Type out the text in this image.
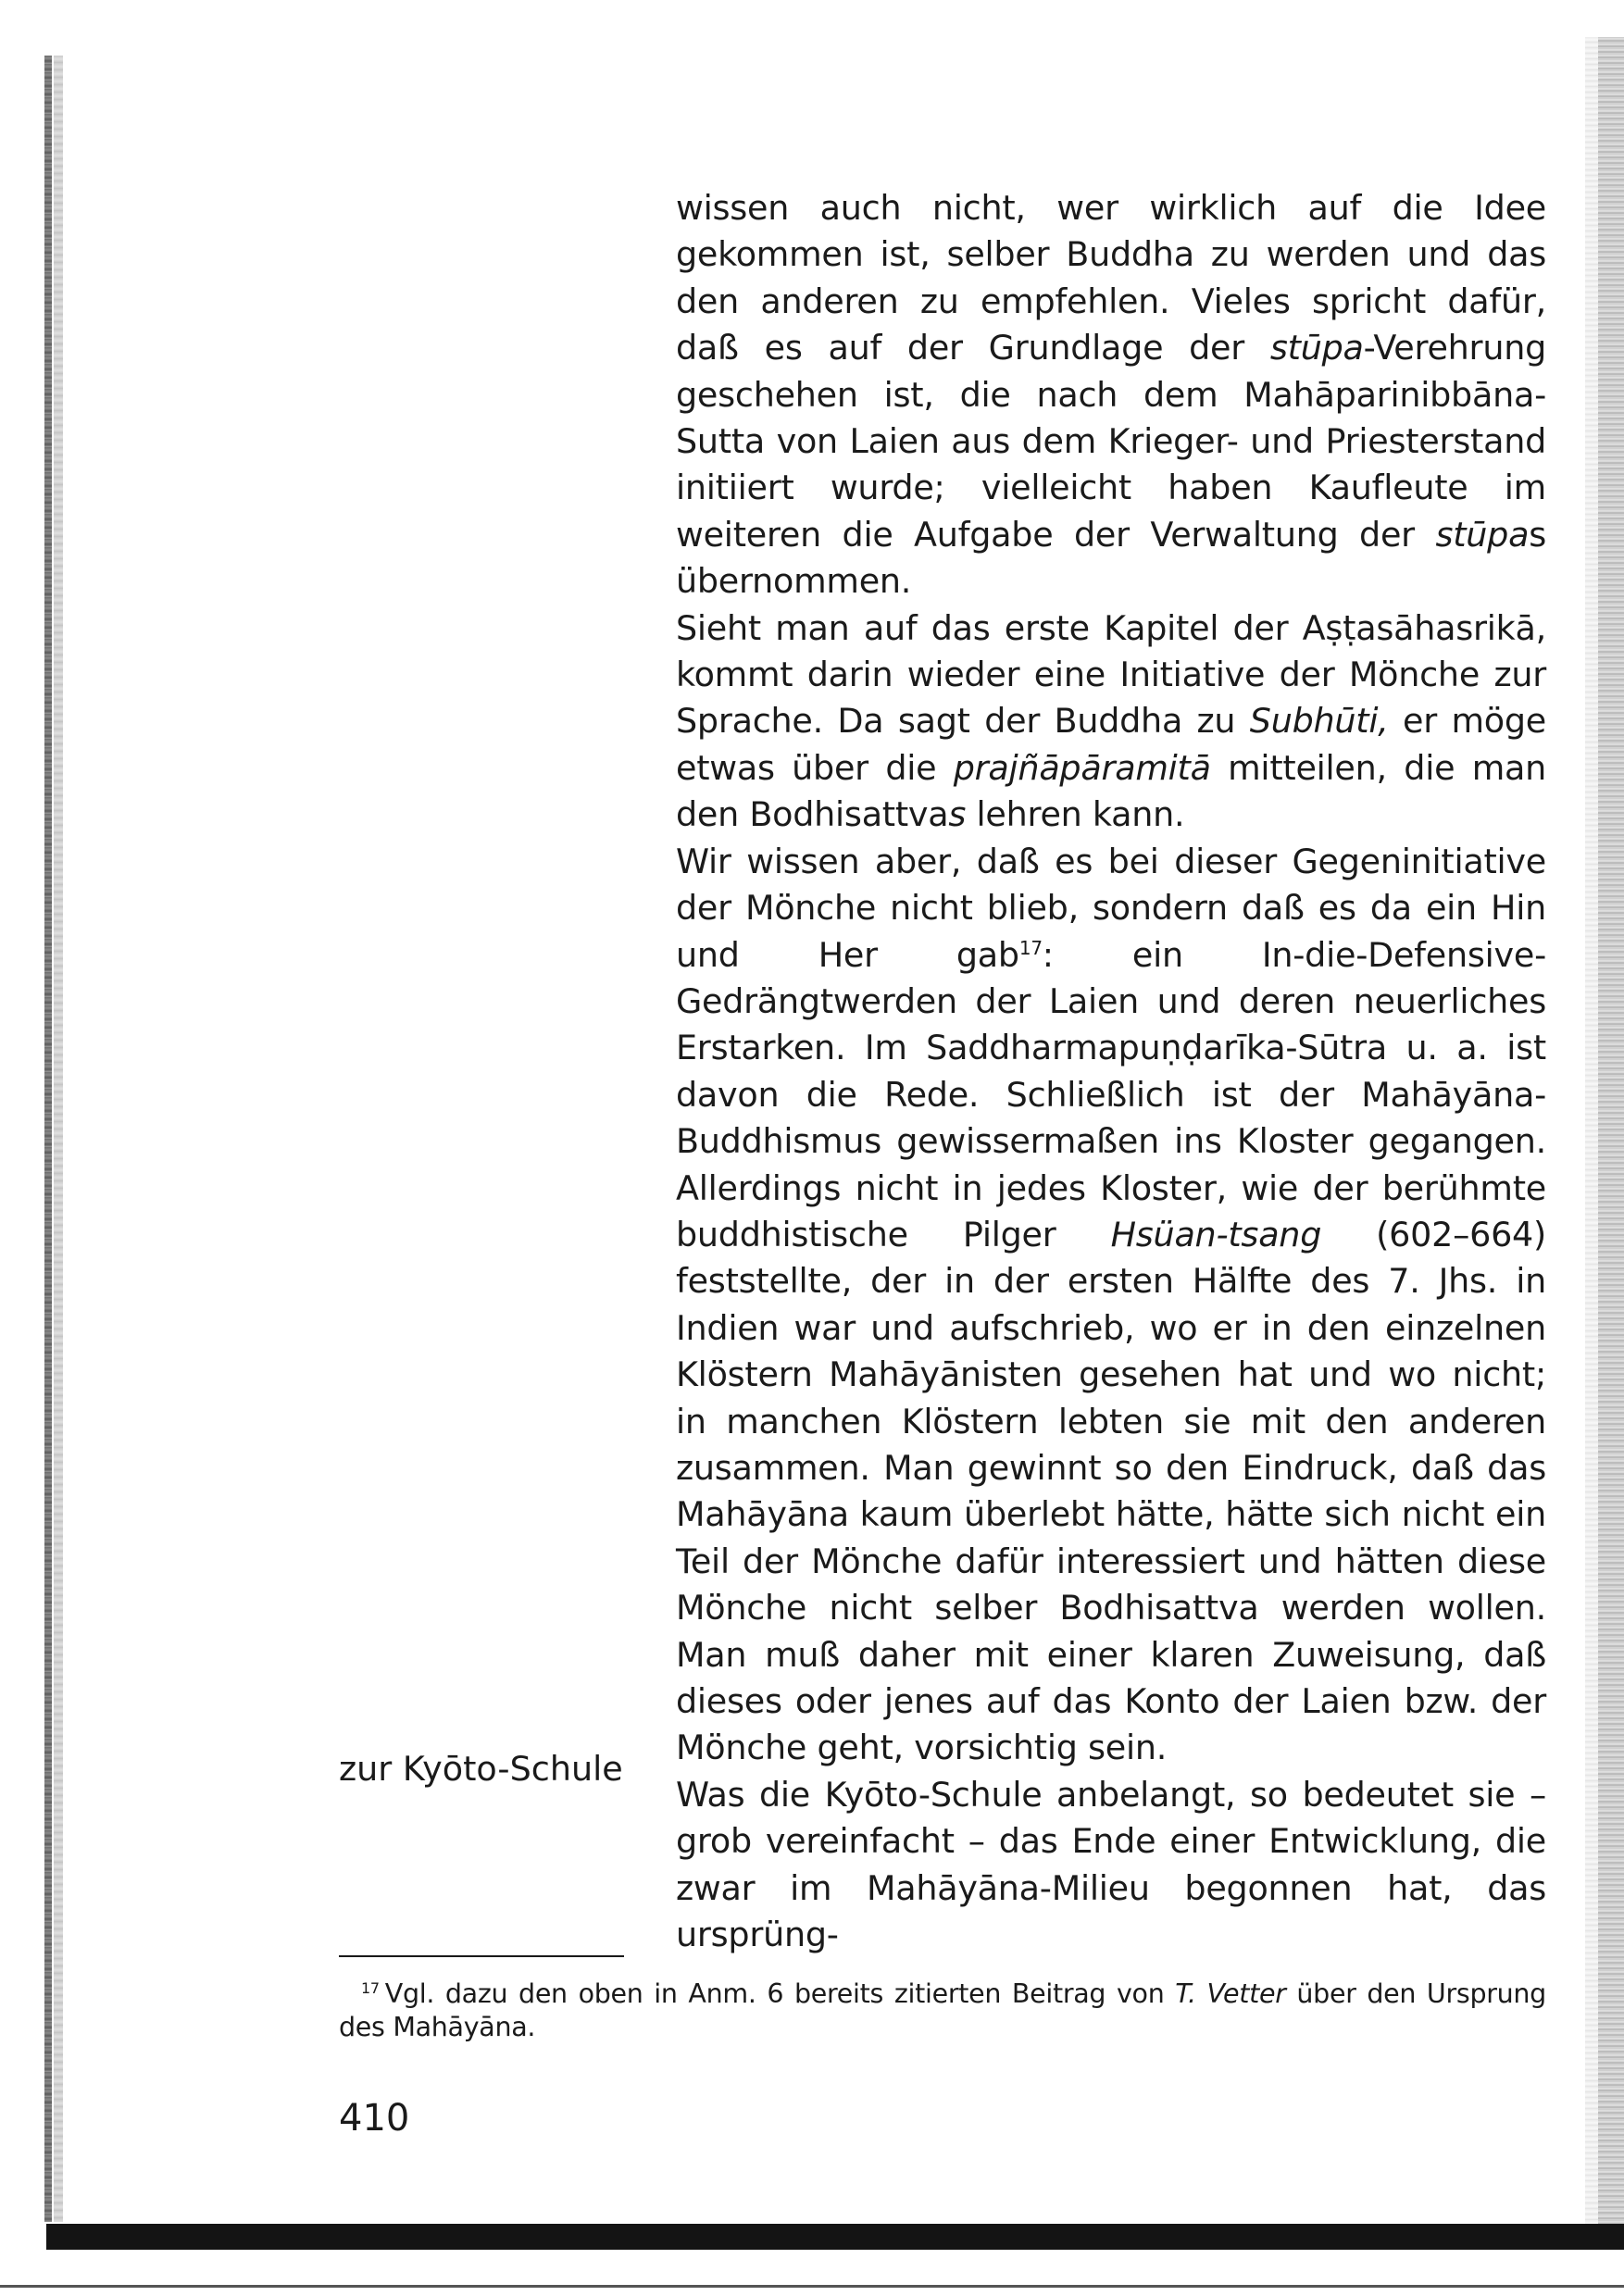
wissen auch nicht, wer wirklich auf die Idee gekommen ist, selber Buddha zu werden und das den anderen zu empfehlen. Vieles spricht dafür, daß es auf der Grundlage der stūpa-Verehrung geschehen ist, die nach dem Mahāparinibbāna-Sutta von Laien aus dem Krieger- und Priesterstand initiiert wurde; vielleicht haben Kaufleute im weiteren die Aufgabe der Verwaltung der stūpas übernommen.

Sieht man auf das erste Kapitel der Aṣṭasāhasrikā, kommt darin wieder eine Initiative der Mönche zur Sprache. Da sagt der Buddha zu Subhūti, er möge etwas über die prajñāpāramitā mitteilen, die man den Bodhisattvas lehren kann.

Wir wissen aber, daß es bei dieser Gegeninitiative der Mönche nicht blieb, sondern daß es da ein Hin und Her gab$^{17}$: ein In-die-Defensive-Gedrängtwerden der Laien und deren neuerliches Erstarken. Im Saddharmapuṇḍarīka-Sūtra u. a. ist davon die Rede. Schließlich ist der Mahāyāna-Buddhismus gewissermaßen ins Kloster gegangen. Allerdings nicht in jedes Kloster, wie der berühmte buddhistische Pilger Hsüan-tsang (602–664) feststellte, der in der ersten Hälfte des 7. Jhs. in Indien war und aufschrieb, wo er in den einzelnen Klöstern Mahāyānisten gesehen hat und wo nicht; in manchen Klöstern lebten sie mit den anderen zusammen. Man gewinnt so den Eindruck, daß das Mahāyāna kaum überlebt hätte, hätte sich nicht ein Teil der Mönche dafür interessiert und hätten diese Mönche nicht selber Bodhisattva werden wollen. Man muß daher mit einer klaren Zuweisung, daß dieses oder jenes auf das Konto der Laien bzw. der Mönche geht, vorsichtig sein.

Was die Kyōto-Schule anbelangt, so bedeutet sie – grob vereinfacht – das Ende einer Entwicklung, die zwar im Mahāyāna-Milieu begonnen hat, das ursprüng-

zur Kyōto-Schule

$^{17}$ Vgl. dazu den oben in Anm. 6 bereits zitierten Beitrag von T. Vetter über den Ursprung des Mahāyāna.

410
